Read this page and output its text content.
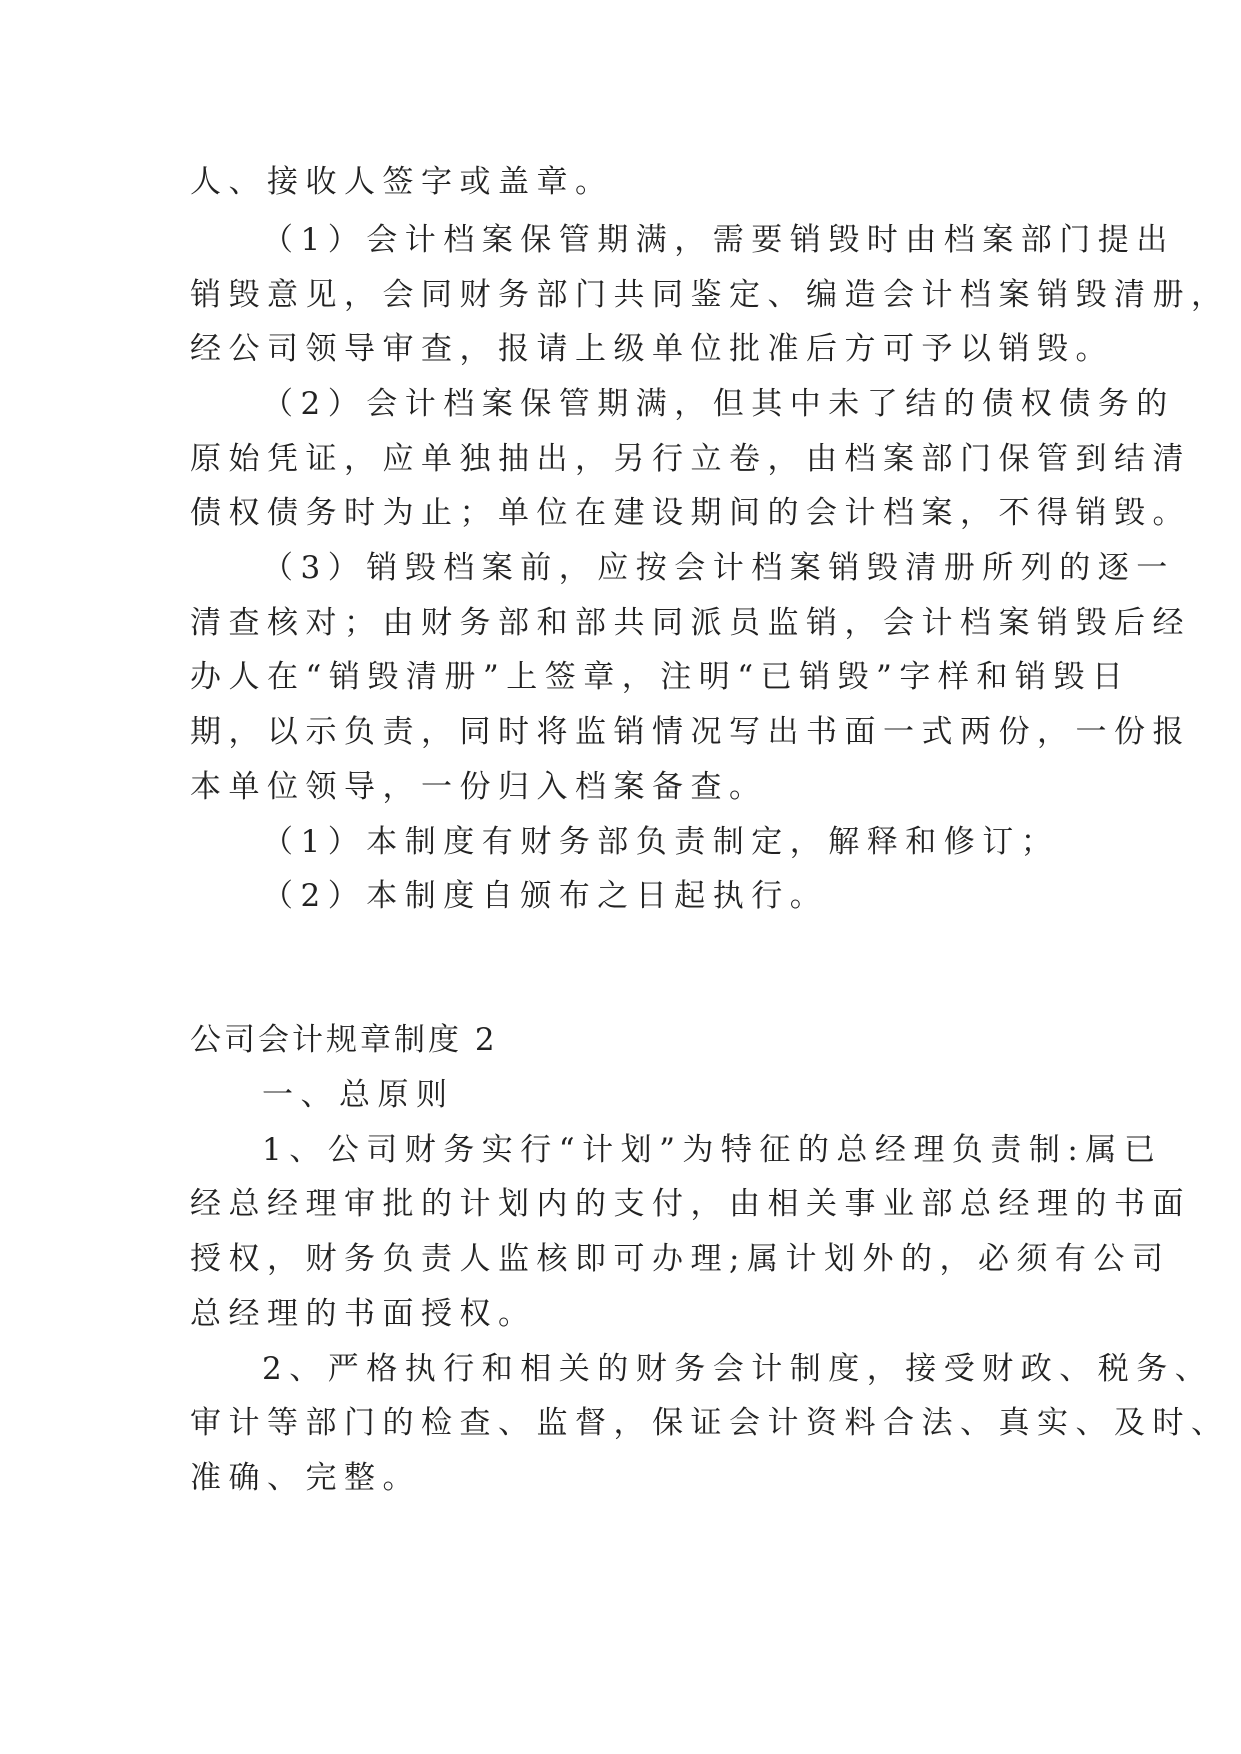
人、接收人签字或盖章。
（1）会计档案保管期满，需要销毁时由档案部门提出
销毁意见，会同财务部门共同鉴定、编造会计档案销毁清册，
经公司领导审查，报请上级单位批准后方可予以销毁。
（2）会计档案保管期满，但其中未了结的债权债务的
原始凭证，应单独抽出，另行立卷，由档案部门保管到结清
债权债务时为止；单位在建设期间的会计档案，不得销毁。
（3）销毁档案前，应按会计档案销毁清册所列的逐一
清查核对；由财务部和部共同派员监销，会计档案销毁后经
办人在“销毁清册”上签章，注明“已销毁”字样和销毁日
期，以示负责，同时将监销情况写出书面一式两份，一份报
本单位领导，一份归入档案备查。
（1）本制度有财务部负责制定，解释和修订；
（2）本制度自颁布之日起执行。
公司会计规章制度 2
一、总原则
1、公司财务实行“计划”为特征的总经理负责制:属已
经总经理审批的计划内的支付，由相关事业部总经理的书面
授权，财务负责人监核即可办理;属计划外的，必须有公司
总经理的书面授权。
2、严格执行和相关的财务会计制度，接受财政、税务、
审计等部门的检查、监督，保证会计资料合法、真实、及时、
准确、完整。
